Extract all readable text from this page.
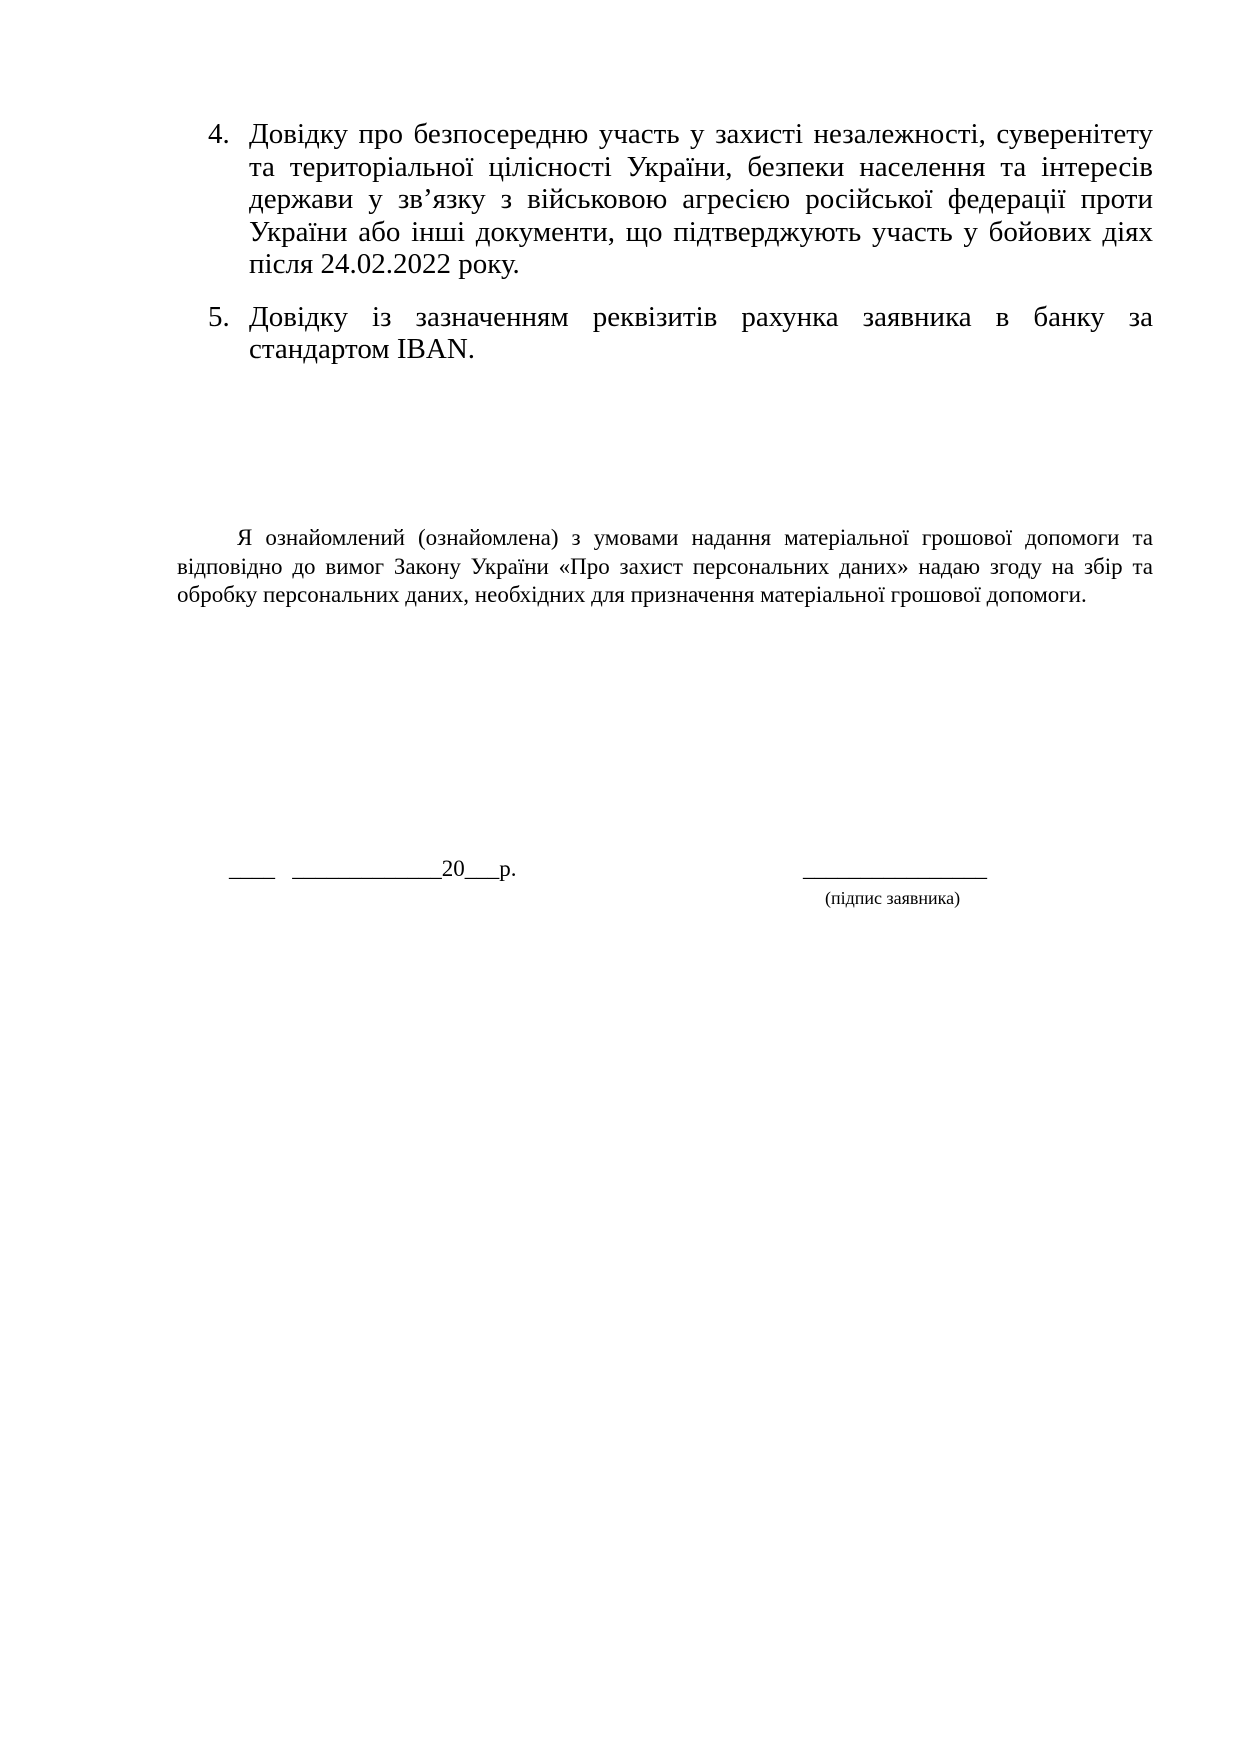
4. Довідку про безпосередню участь у захисті незалежності, суверенітету та територіальної цілісності України, безпеки населення та інтересів держави у зв’язку з військовою агресією російської федерації проти України або інші документи, що підтверджують участь у бойових діях після 24.02.2022 року.
5. Довідку із зазначенням реквізитів рахунка заявника в банку за стандартом IBAN.

Я ознайомлений (ознайомлена) з умовами надання матеріальної грошової допомоги та відповідно до вимог Закону України «Про захист персональних даних» надаю згоду на збір та обробку персональних даних, необхідних для призначення матеріальної грошової допомоги.

____   _____________20___р.	________________
(підпис заявника)
